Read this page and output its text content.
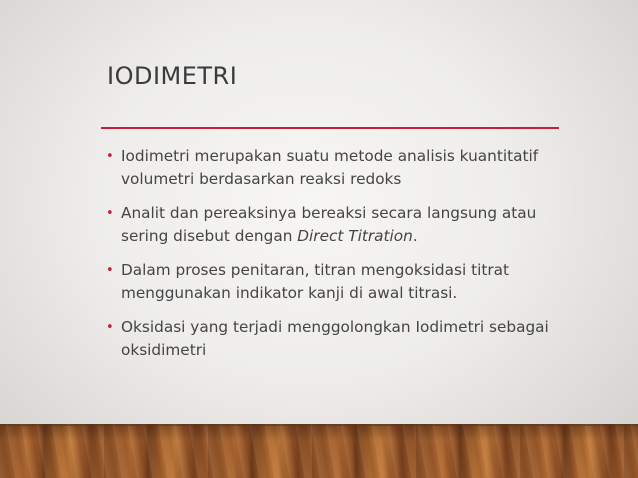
IODIMETRI
• Iodimetri merupakan suatu metode analisis kuantitatif volumetri berdasarkan reaksi redoks
• Analit dan pereaksinya bereaksi secara langsung atau sering disebut dengan Direct Titration.
• Dalam proses penitaran, titran mengoksidasi titrat menggunakan indikator kanji di awal titrasi.
• Oksidasi yang terjadi menggolongkan Iodimetri sebagai oksidimetri
